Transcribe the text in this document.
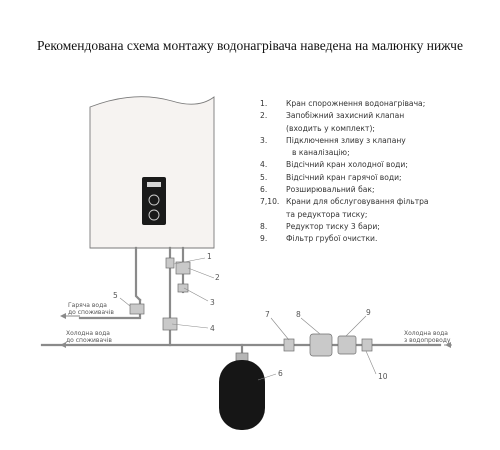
Рекомендована схема монтажу водонагрівача наведена на малюнку нижче
1.	Кран спорожнення водонагрівача;
2.	Запобіжний захисний клапан
(входить у комплект);
3.	Підключення зливу з клапану
в каналізацію;
4.	Відсічний кран холодної води;
5.	Відсічний кран гарячої води;
6.	Розширювальний бак;
7,10. Крани для обслуговування фільтра
та редуктора тиску;
8.	Редуктор тиску 3 бари;
9.	Фільтр грубої очистки.
1
2
3
4
5
6
7	8	9
10
Гаряча вода
до споживачів
Холодна вода
до споживачів
Холодна вода
з водопроводу
